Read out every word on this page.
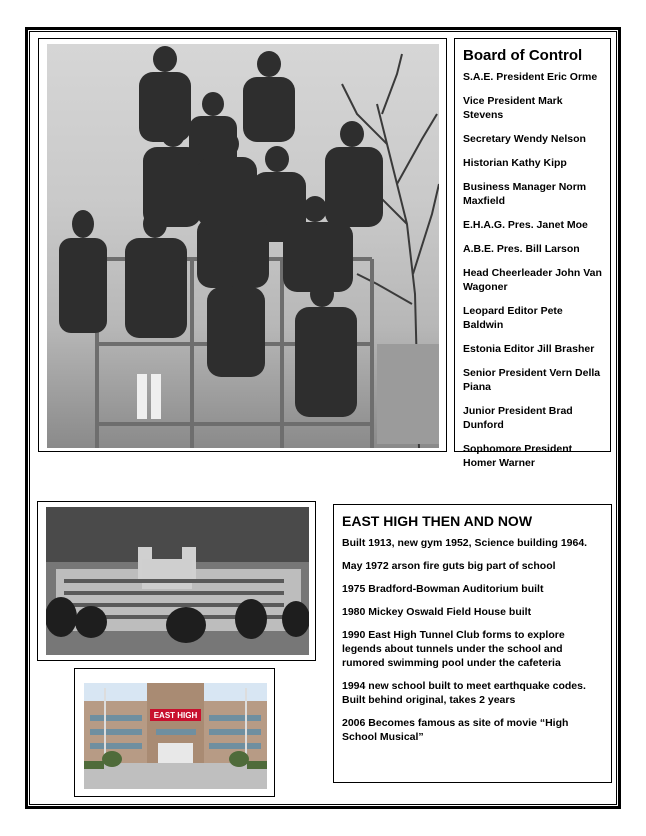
Board of Control
S.A.E. President Eric Orme
Vice President Mark Stevens
Secretary Wendy Nelson
Historian Kathy Kipp
Business Manager Norm Maxfield
E.H.A.G. Pres. Janet Moe
A.B.E. Pres. Bill Larson
Head Cheerleader John Van Wagoner
Leopard Editor Pete Baldwin
Estonia Editor Jill Brasher
Senior President Vern Della Piana
Junior President Brad Dunford
Sophomore President Homer Warner
EAST HIGH
EAST HIGH THEN AND NOW
Built 1913, new gym 1952, Science building 1964.
May 1972 arson fire guts big part of school
1975 Bradford-Bowman Auditorium built
1980 Mickey Oswald Field House built
1990 East High Tunnel Club forms to explore legends about tunnels under the school and rumored swimming pool under the cafeteria
1994 new school built to meet earthquake codes. Built behind original, takes 2 years
2006 Becomes famous as site of movie “High School Musical”
